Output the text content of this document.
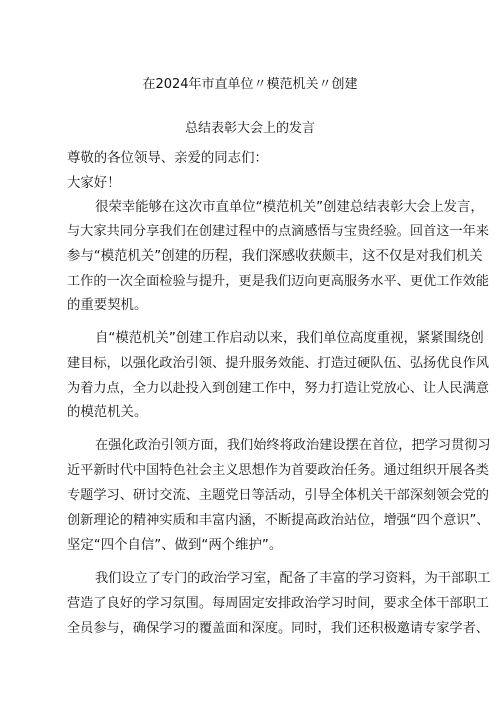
在2024年市直单位〃模范机关〃创建
总结表彰大会上的发言
尊敬的各位领导、亲爱的同志们：
大家好！
很荣幸能够在这次市直单位“模范机关”创建总结表彰大会上发言，
与大家共同分享我们在创建过程中的点滴感悟与宝贵经验。回首这一年来
参与“模范机关”创建的历程，我们深感收获颇丰，这不仅是对我们机关
工作的一次全面检验与提升，更是我们迈向更高服务水平、更优工作效能
的重要契机。
自“模范机关”创建工作启动以来，我们单位高度重视，紧紧围绕创
建目标，以强化政治引领、提升服务效能、打造过硬队伍、弘扬优良作风
为着力点，全力以赴投入到创建工作中，努力打造让党放心、让人民满意
的模范机关。
在强化政治引领方面，我们始终将政治建设摆在首位，把学习贯彻习
近平新时代中国特色社会主义思想作为首要政治任务。通过组织开展各类
专题学习、研讨交流、主题党日等活动，引导全体机关干部深刻领会党的
创新理论的精神实质和丰富内涵，不断提高政治站位，增强“四个意识”、
坚定“四个自信”、做到“两个维护”。
我们设立了专门的政治学习室，配备了丰富的学习资料，为干部职工
营造了良好的学习氛围。每周固定安排政治学习时间，要求全体干部职工
全员参与，确保学习的覆盖面和深度。同时，我们还积极邀请专家学者、
